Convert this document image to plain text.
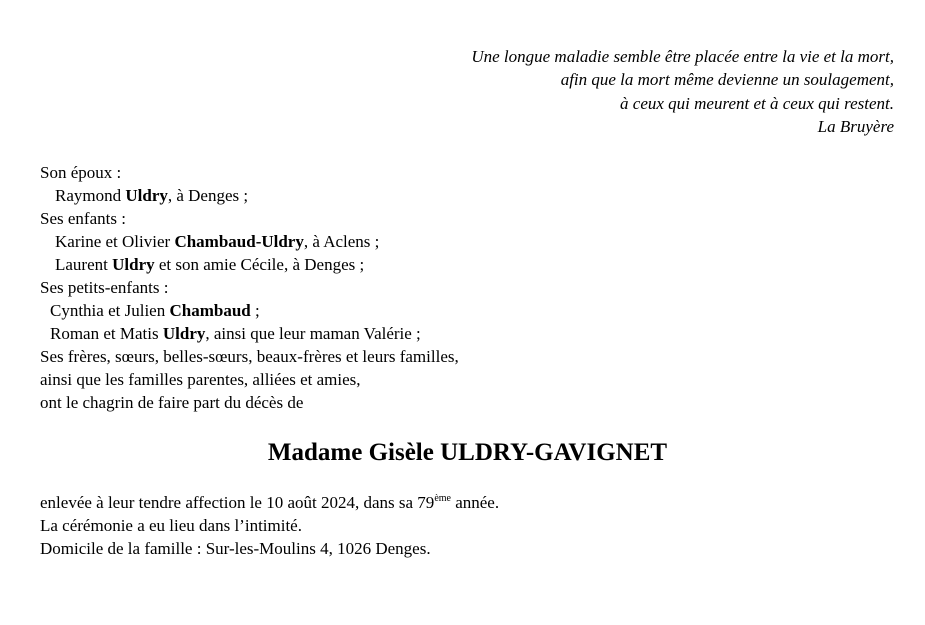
Une longue maladie semble être placée entre la vie et la mort,
afin que la mort même devienne un soulagement,
à ceux qui meurent et à ceux qui restent.
La Bruyère
Son époux :
Raymond Uldry, à Denges ;
Ses enfants :
Karine et Olivier Chambaud-Uldry, à Aclens ;
Laurent Uldry et son amie Cécile, à Denges ;
Ses petits-enfants :
Cynthia et Julien Chambaud ;
Roman et Matis Uldry, ainsi que leur maman Valérie ;
Ses frères, sœurs, belles-sœurs, beaux-frères et leurs familles,
ainsi que les familles parentes, alliées et amies,
ont le chagrin de faire part du décès de
Madame Gisèle ULDRY-GAVIGNET
enlevée à leur tendre affection le 10 août 2024, dans sa 79ème année.
La cérémonie a eu lieu dans l’intimité.
Domicile de la famille : Sur-les-Moulins 4, 1026 Denges.
